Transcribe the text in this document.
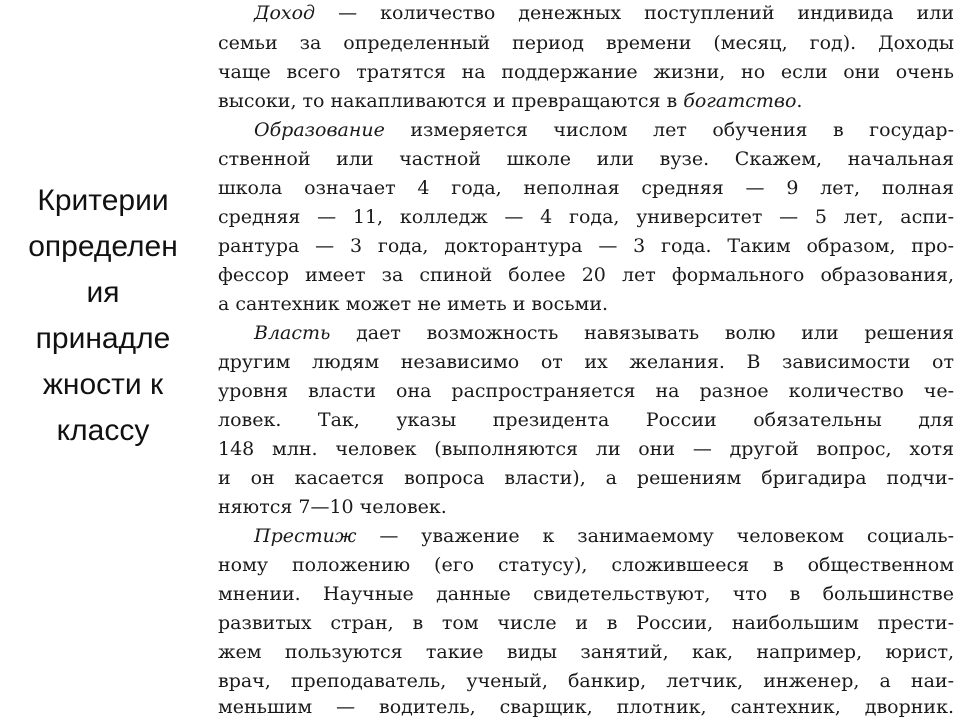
Критерии
определен
ия
принадле
жности к
классу
Доход — количество денежных поступлений индивида или
семьи за определенный период времени (месяц, год). Доходы
чаще всего тратятся на поддержание жизни, но если они очень
высоки, то накапливаются и превращаются в богатство.
Образование измеряется числом лет обучения в государ-
ственной или частной школе или вузе. Скажем, начальная
школа означает 4 года, неполная средняя — 9 лет, полная
средняя — 11, колледж — 4 года, университет — 5 лет, аспи-
рантура — 3 года, докторантура — 3 года. Таким образом, про-
фессор имеет за спиной более 20 лет формального образования,
а сантехник может не иметь и восьми.
Власть дает возможность навязывать волю или решения
другим людям независимо от их желания. В зависимости от
уровня власти она распространяется на разное количество че-
ловек. Так, указы президента России обязательны для
148 млн. человек (выполняются ли они — другой вопрос, хотя
и он касается вопроса власти), а решениям бригадира подчи-
няются 7—10 человек.
Престиж — уважение к занимаемому человеком социаль-
ному положению (его статусу), сложившееся в общественном
мнении. Научные данные свидетельствуют, что в большинстве
развитых стран, в том числе и в России, наибольшим прести-
жем пользуются такие виды занятий, как, например, юрист,
врач, преподаватель, ученый, банкир, летчик, инженер, а наи-
меньшим — водитель, сварщик, плотник, сантехник, дворник.
